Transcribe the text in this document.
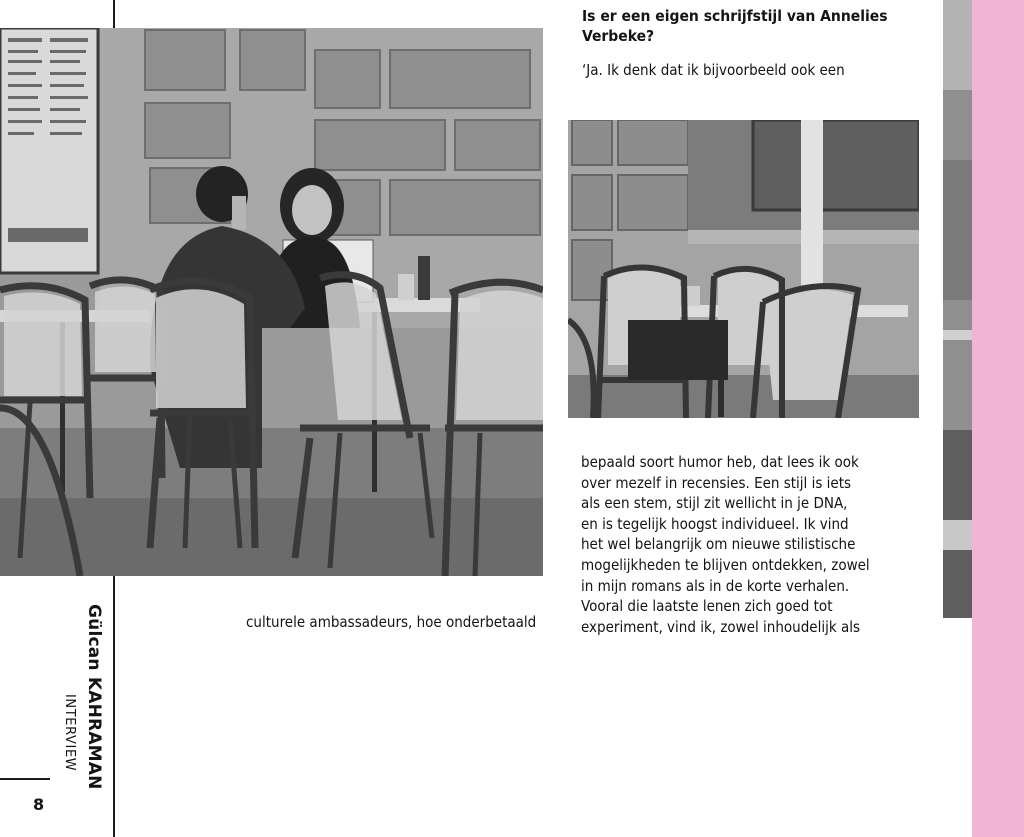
Gülcan KAHRAMAN
INTERVIEW
8
Is er een eigen schrijfstijl van Annelies Verbeke?
‘Ja. Ik denk dat ik bijvoorbeeld ook een
bepaald soort humor heb, dat lees ik ook
over mezelf in recensies. Een stijl is iets
als een stem, stijl zit wellicht in je DNA,
en is tegelijk hoogst individueel. Ik vind
het wel belangrijk om nieuwe stilistische
mogelijkheden te blijven ontdekken, zowel
in mijn romans als in de korte verhalen.
Vooral die laatste lenen zich goed tot
experiment, vind ik, zowel inhoudelijk als
culturele ambassadeurs, hoe onderbetaald
